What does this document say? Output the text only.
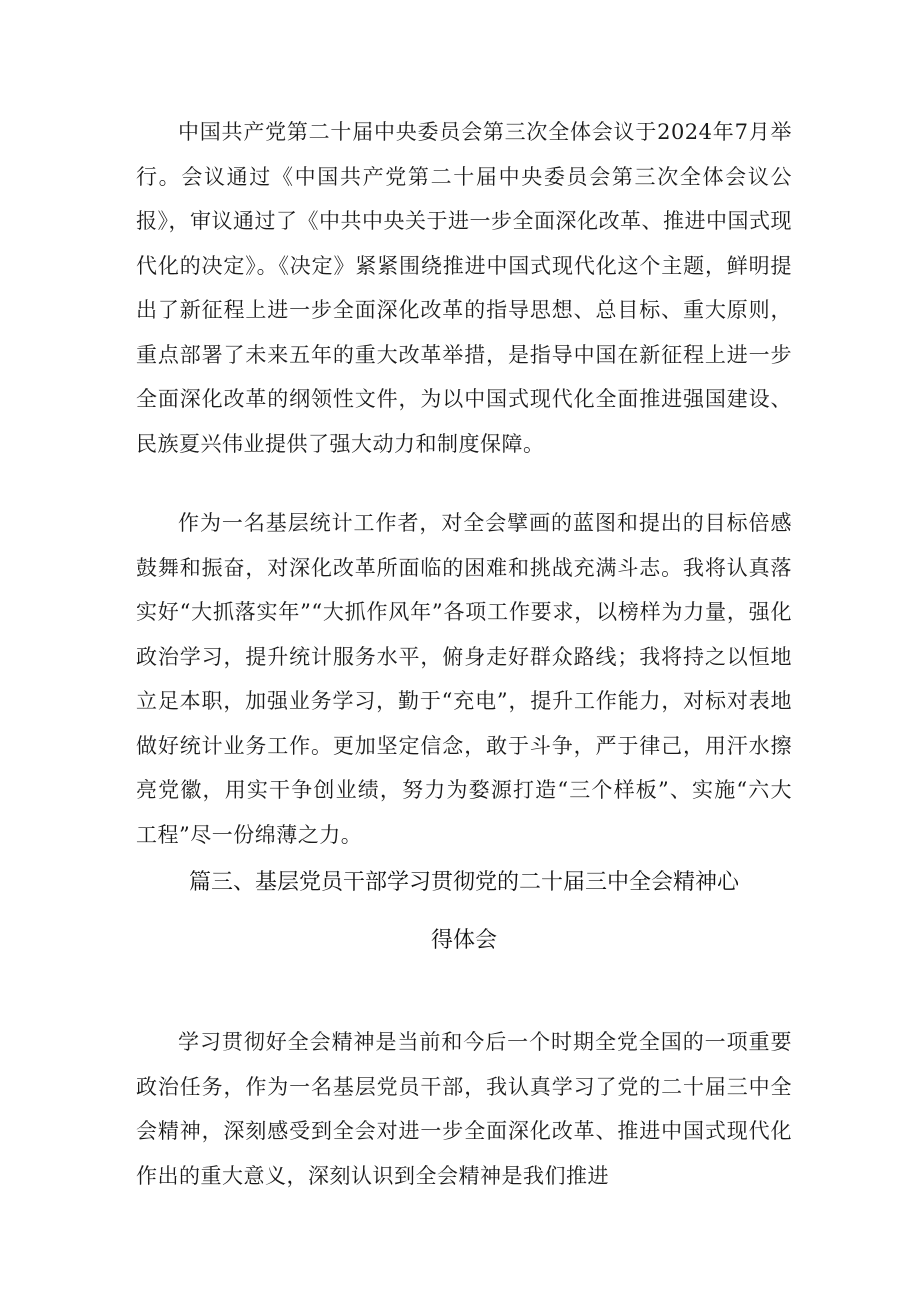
中国共产党第二十届中央委员会第三次全体会议于2024年7月举行。会议通过《中国共产党第二十届中央委员会第三次全体会议公报》，审议通过了《中共中央关于进一步全面深化改革、推进中国式现代化的决定》。《决定》紧紧围绕推进中国式现代化这个主题，鲜明提出了新征程上进一步全面深化改革的指导思想、总目标、重大原则，重点部署了未来五年的重大改革举措，是指导中国在新征程上进一步全面深化改革的纲领性文件，为以中国式现代化全面推进强国建设、民族夏兴伟业提供了强大动力和制度保障。
作为一名基层统计工作者，对全会擘画的蓝图和提出的目标倍感鼓舞和振奋，对深化改革所面临的困难和挑战充满斗志。我将认真落实好“大抓落实年”“大抓作风年”各项工作要求，以榜样为力量，强化政治学习，提升统计服务水平，俯身走好群众路线；我将持之以恒地立足本职，加强业务学习，勤于“充电”，提升工作能力，对标对表地做好统计业务工作。更加坚定信念，敢于斗争，严于律己，用汗水擦亮党徽，用实干争创业绩，努力为婺源打造“三个样板”、实施“六大工程”尽一份绵薄之力。
篇三、基层党员干部学习贯彻党的二十届三中全会精神心
得体会
学习贯彻好全会精神是当前和今后一个时期全党全国的一项重要政治任务，作为一名基层党员干部，我认真学习了党的二十届三中全会精神，深刻感受到全会对进一步全面深化改革、推进中国式现代化作出的重大意义，深刻认识到全会精神是我们推进
